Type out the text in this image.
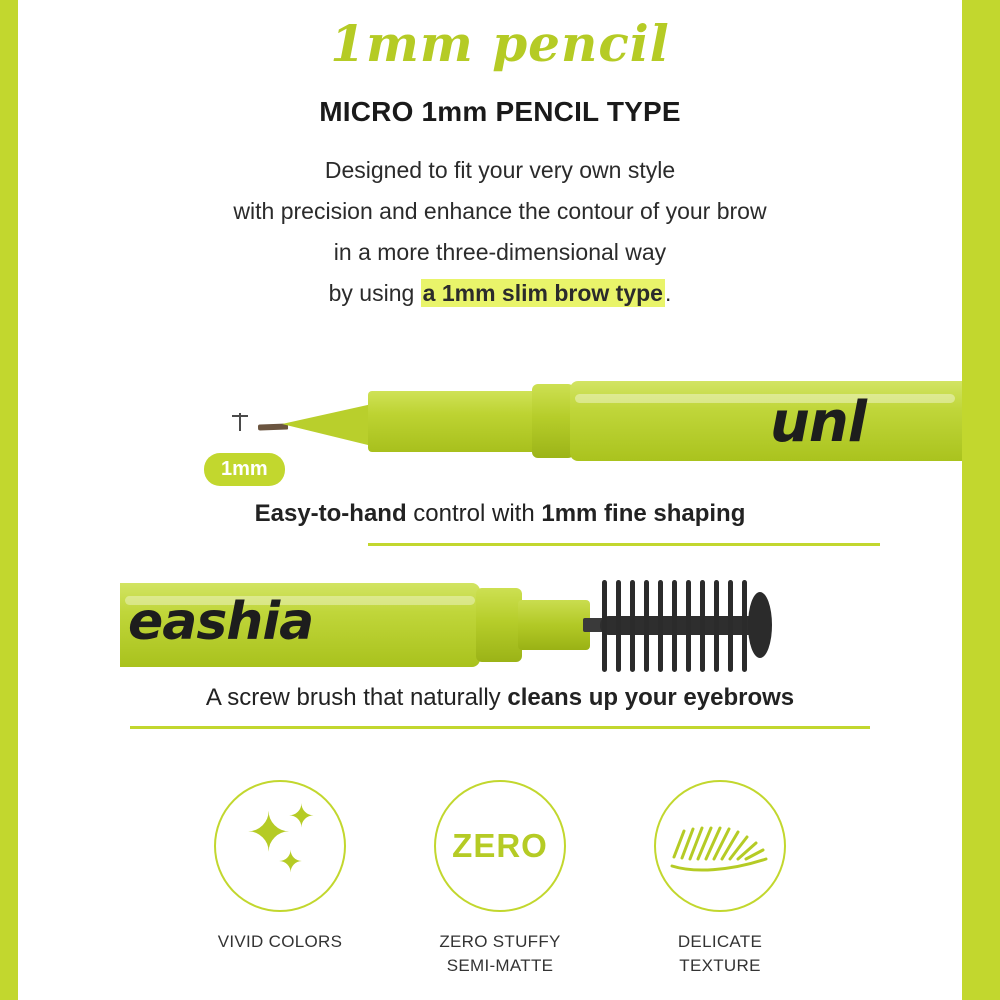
1mm pencil
MICRO 1mm PENCIL TYPE
Designed to fit your very own style
with precision and enhance the contour of your brow
in a more three-dimensional way
by using a 1mm slim brow type.
unl
1mm
Easy-to-hand control with 1mm fine shaping
eashia
A screw brush that naturally cleans up your eyebrows
✦
✦
✦
VIVID COLORS
ZERO
ZERO STUFFY
SEMI-MATTE
DELICATE
TEXTURE
